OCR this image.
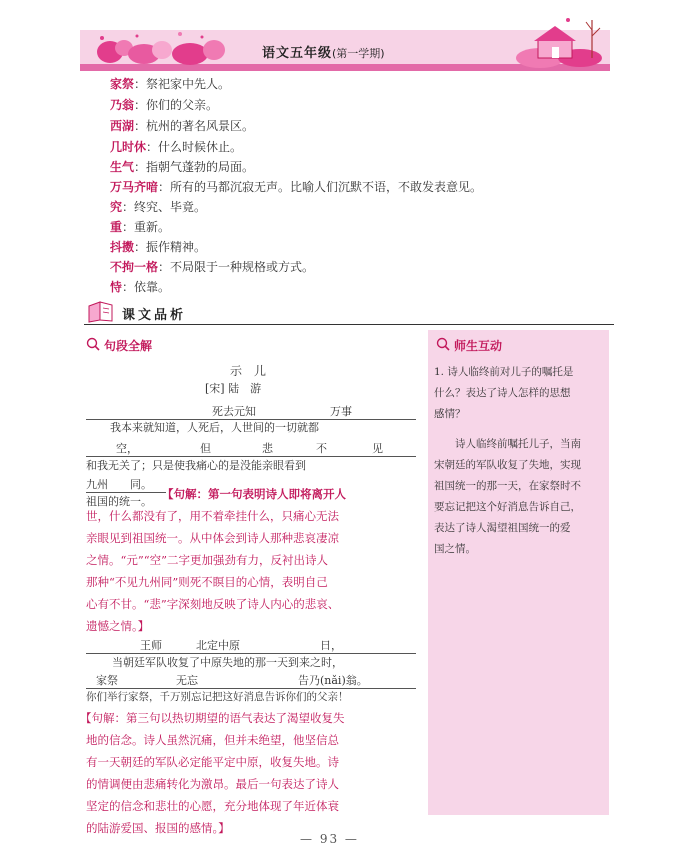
语文五年级(第一学期)
家祭：祭祀家中先人。
乃翁：你们的父亲。
西湖：杭州的著名风景区。
几时休：什么时候休止。
生气：指朝气蓬勃的局面。
万马齐喑：所有的马都沉寂无声。比喻人们沉默不语，不敢发表意见。
究：终究、毕竟。
重：重新。
抖擞：振作精神。
不拘一格：不局限于一种规格或方式。
恃：依靠。
课文品析
句段全解
示　儿
[宋] 陆　游
死去元知	万事
我本来就知道，人死后，人世间的一切就都
空，	但	悲	不	见
和我无关了；只是使我痛心的是没能亲眼看到
九州 同。
祖国的统一。
【句解：第一句表明诗人即将离开人
世，什么都没有了，用不着牵挂什么，只痛心无法
亲眼见到祖国统一。从中体会到诗人那种悲哀凄凉
之情。“元”“空”二字更加强劲有力，反衬出诗人
那种“不见九州同”则死不瞑目的心情，表明自己
心有不甘。“悲”字深刻地反映了诗人内心的悲哀、
遗憾之情。】
王师	北定中原	日，
当朝廷军队收复了中原失地的那一天到来之时，
家祭	无忘	告乃(nǎi)翁。
你们举行家祭，千万别忘记把这好消息告诉你们的父亲！
【句解：第三句以热切期望的语气表达了渴望收复失
地的信念。诗人虽然沉痛，但并未绝望，他坚信总
有一天朝廷的军队必定能平定中原，收复失地。诗
的情调便由悲痛转化为激昂。最后一句表达了诗人
坚定的信念和悲壮的心愿，充分地体现了年近体衰
的陆游爱国、报国的感情。】
师生互动
1. 诗人临终前对儿子的嘱托是
什么？表达了诗人怎样的思想
感情？
　　诗人临终前嘱托儿子，当南
宋朝廷的军队收复了失地，实现
祖国统一的那一天，在家祭时不
要忘记把这个好消息告诉自己，
表达了诗人渴望祖国统一的爱
国之情。
— 93 —
